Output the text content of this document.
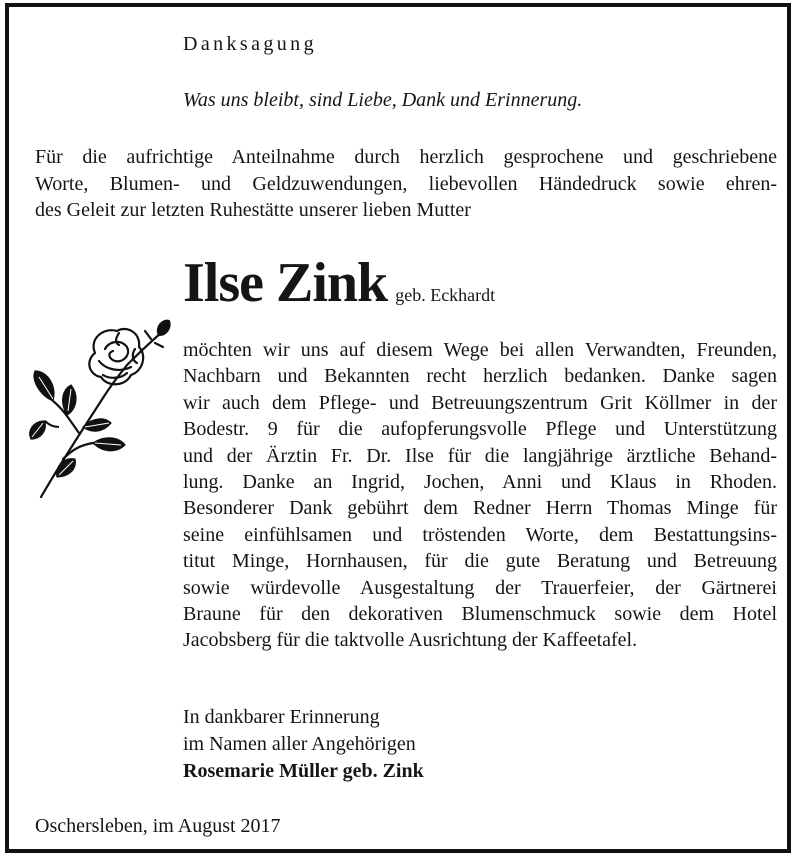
Danksagung
Was uns bleibt, sind Liebe, Dank und Erinnerung.
Für die aufrichtige Anteilnahme durch herzlich gesprochene und geschriebene
Worte, Blumen- und Geldzuwendungen, liebevollen Händedruck sowie ehren-
des Geleit zur letzten Ruhestätte unserer lieben Mutter
Ilse Zink geb. Eckhardt
möchten wir uns auf diesem Wege bei allen Verwandten, Freunden,
Nachbarn und Bekannten recht herzlich bedanken. Danke sagen
wir auch dem Pflege- und Betreuungszentrum Grit Köllmer in der
Bodestr. 9 für die aufopferungsvolle Pflege und Unterstützung
und der Ärztin Fr. Dr. Ilse für die langjährige ärztliche Behand-
lung. Danke an Ingrid, Jochen, Anni und Klaus in Rhoden.
Besonderer Dank gebührt dem Redner Herrn Thomas Minge für
seine einfühlsamen und tröstenden Worte, dem Bestattungsins-
titut Minge, Hornhausen, für die gute Beratung und Betreuung
sowie würdevolle Ausgestaltung der Trauerfeier, der Gärtnerei
Braune für den dekorativen Blumenschmuck sowie dem Hotel
Jacobsberg für die taktvolle Ausrichtung der Kaffeetafel.
In dankbarer Erinnerung
im Namen aller Angehörigen
Rosemarie Müller geb. Zink
Oschersleben, im August 2017
